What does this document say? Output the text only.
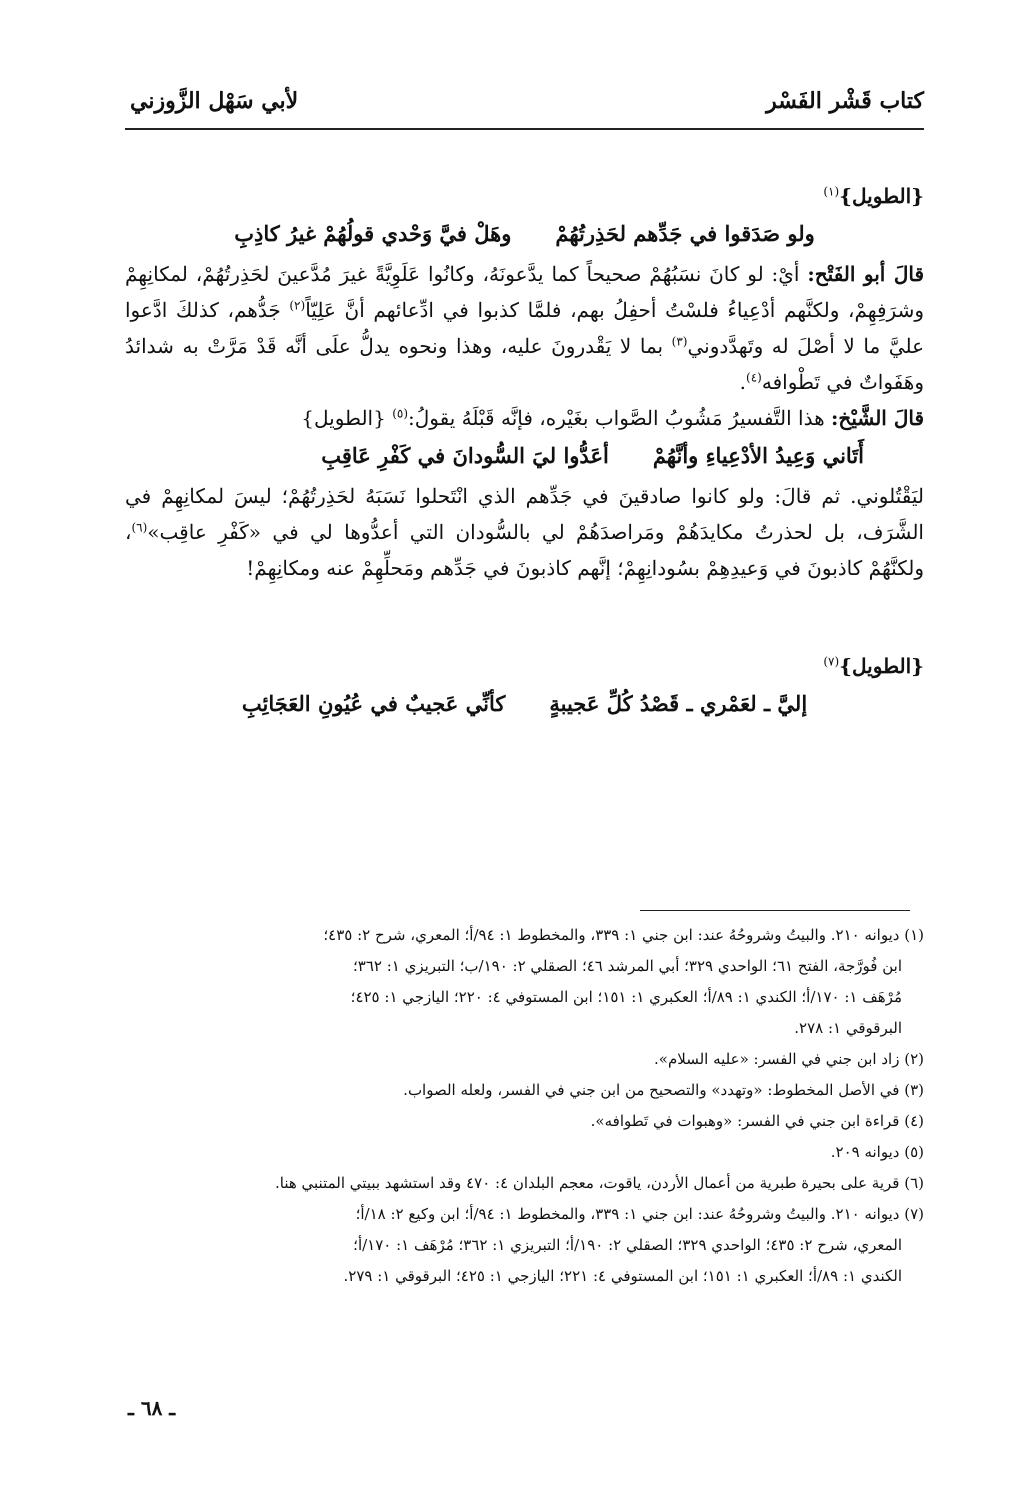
كتاب قَشْر الفَسْر
لأبي سَهْل الزَّوزني
{الطويل}$^{(١)}$
ولو صَدَقوا في جَدِّهم لحَذِرتُهُمْ
وهَلْ فيَّ وَحْدي قولُهُمْ غيرُ كاذِبِ

قالَ أبو الفَتْح: أيْ: لو كانَ نسَبُهُمْ صحيحاً كما يدَّعونَهُ، وكانُوا عَلَوِيَّةً غيرَ مُدَّعينَ لحَذِرتُهُمْ، لمكانِهِمْ وشرَفِهِمْ، ولكنَّهم أدْعِياءُ فلسْتُ أحفِلُ بهم، فلمَّا كذبوا في ادِّعائهم أنَّ عَلِيّاً$^{(٢)}$ جَدُّهم، كذلكَ ادَّعوا عليَّ ما لا أصْلَ له وتَهدَّدوني$^{(٣)}$ بما لا يَقْدرونَ عليه، وهذا ونحوه يدلُّ علَى أنَّه قَدْ مَرَّتْ به شدائدُ وهَفَواتٌ في تَطْوافه$^{(٤)}$.

قالَ الشَّيْخ: هذا التَّفسيرُ مَشُوبُ الصَّواب بغَيْره، فإنَّه قَبْلَهُ يقولُ:$^{(٥)}$ {الطويل}

أَتَاني وَعِيدُ الأدْعِياءِ وأنَّهُمْ
أعَدُّوا ليَ السُّودانَ في كَفْرِ عَاقِبِ

ليَقْتُلوني. ثم قالَ: ولو كانوا صادقينَ في جَدِّهم الذي انْتَحلوا نَسَبَهُ لحَذِرتُهُمْ؛ ليسَ لمكانِهِمْ في الشَّرَف، بل لحذرتُ مكايدَهُمْ ومَراصدَهُمْ لي بالسُّودان التي أعدُّوها لي في «كَفْرِ عاقِب»$^{(٦)}$، ولكنَّهُمْ كاذبونَ في وَعيدِهِمْ بسُودانِهِمْ؛ إنَّهم كاذبونَ في جَدِّهم ومَحلِّهِمْ عنه ومكانِهِمْ!

{الطويل}$^{(٧)}$
إليَّ ـ لعَمْري ـ قَصْدُ كُلِّ عَجيبةٍ
كأنِّي عَجيبٌ في عُيُونِ العَجَائِبِ

(١) ديوانه ٢١٠. والبيتُ وشروحُهُ عند: ابن جني ١: ٣٣٩، والمخطوط ١: ٩٤/أ؛ المعري، شرح ٢: ٤٣٥؛

ابن فُورَّجة، الفتح ٦١؛ الواحدي ٣٢٩؛ أبي المرشد ٤٦؛ الصقلي ٢: ١٩٠/ب؛ التبريزي ١: ٣٦٢؛

مُرْهَف ١: ١٧٠/أ؛ الكندي ١: ٨٩/أ؛ العكبري ١: ١٥١؛ ابن المستوفي ٤: ٢٢٠؛ اليازجي ١: ٤٢٥؛

البرقوقي ١: ٢٧٨.

(٢) زاد ابن جني في الفسر: «عليه السلام».

(٣) في الأصل المخطوط: «وتهدد» والتصحيح من ابن جني في الفسر، ولعله الصواب.

(٤) قراءة ابن جني في الفسر: «وهبوات في تَطوافه».

(٥) ديوانه ٢٠٩.

(٦) قرية على بحيرة طبرية من أعمال الأردن، ياقوت، معجم البلدان ٤: ٤٧٠ وقد استشهد ببيتي المتنبي هنا.

(٧) ديوانه ٢١٠. والبيتُ وشروحُهُ عند: ابن جني ١: ٣٣٩، والمخطوط ١: ٩٤/أ؛ ابن وكيع ٢: ١٨/أ؛

المعري، شرح ٢: ٤٣٥؛ الواحدي ٣٢٩؛ الصقلي ٢: ١٩٠/أ؛ التبريزي ١: ٣٦٢؛ مُرْهَف ١: ١٧٠/أ؛

الكندي ١: ٨٩/أ؛ العكبري ١: ١٥١؛ ابن المستوفي ٤: ٢٢١؛ اليازجي ١: ٤٢٥؛ البرقوقي ١: ٢٧٩.

ـ ٦٨ ـ
